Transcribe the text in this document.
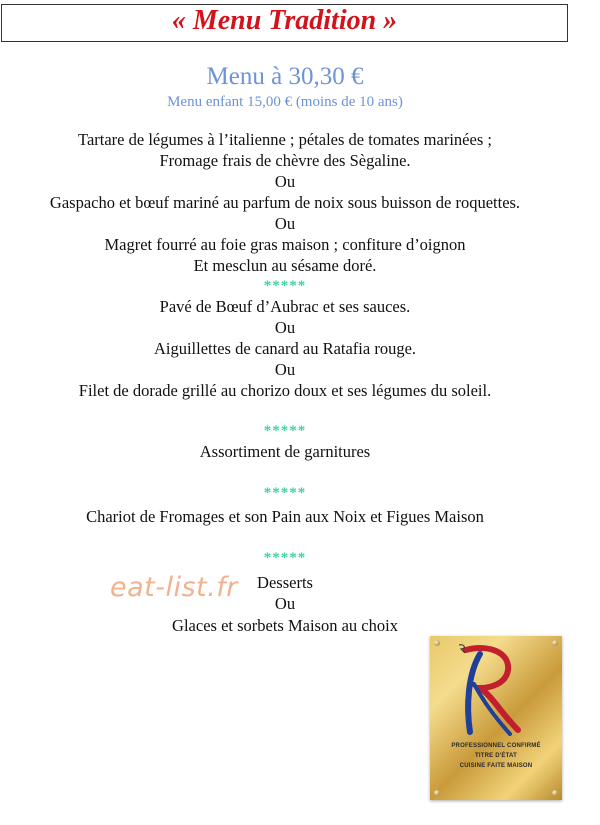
« Menu Tradition »
Menu à 30,30 €
Menu enfant 15,00 € (moins de 10 ans)
Tartare de légumes à l’italienne ; pétales de tomates marinées ;
Fromage frais de chèvre des Sègaline.
Ou
Gaspacho et bœuf mariné au parfum de noix sous buisson de roquettes.
Ou
Magret fourré au foie gras maison ; confiture d’oignon
Et mesclun au sésame doré.
*****
Pavé de Bœuf d’Aubrac et ses sauces.
Ou
Aiguillettes de canard au Ratafia rouge.
Ou
Filet de dorade grillé au chorizo doux et ses légumes du soleil.
*****
Assortiment de garnitures
*****
Chariot de Fromages et son Pain aux Noix et Figues Maison
*****
Desserts
Ou
Glaces et sorbets Maison au choix
eat-list.fr
PROFESSIONNEL CONFIRMÉ
TITRE D'ÉTAT
CUISINE FAITE MAISON
